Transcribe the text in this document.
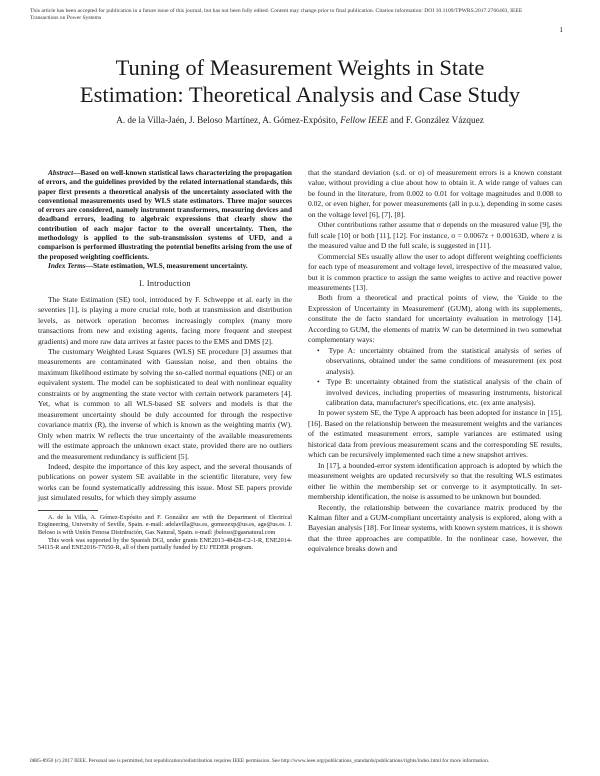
This article has been accepted for publication in a future issue of this journal, but has not been fully edited. Content may change prior to final publication. Citation information: DOI 10.1109/TPWRS.2017.2766403, IEEE
Transactions on Power Systems
1
Tuning of Measurement Weights in State
Estimation: Theoretical Analysis and Case Study
A. de la Villa-Jaén, J. Beloso Martínez, A. Gómez-Expósito, Fellow IEEE and F. González Vázquez

Abstract—Based on well-known statistical laws characterizing the propagation of errors, and the guidelines provided by the related international standards, this paper first presents a theoretical analysis of the uncertainty associated with the conventional measurements used by WLS state estimators. Three major sources of errors are considered, namely instrument transformers, measuring devices and deadband errors, leading to algebraic expressions that clearly show the contribution of each major factor to the overall uncertainty. Then, the methodology is applied to the sub-transmission systems of UFD, and a comparison is performed illustrating the potential benefits arising from the use of the proposed weighting coefficients.

Index Terms—State estimation, WLS, measurement uncertainty.

I. Introduction

The State Estimation (SE) tool, introduced by F. Schweppe et al. early in the seventies [1], is playing a more crucial role, both at transmission and distribution levels, as network operation becomes increasingly complex (many more transactions from new and existing agents, facing more frequent and steepest gradients) and more raw data arrives at faster paces to the EMS and DMS [2].

The customary Weighted Least Squares (WLS) SE procedure [3] assumes that measurements are contaminated with Gaussian noise, and then obtains the maximum likelihood estimate by solving the so-called normal equations (NE) or an equivalent system. The model can be sophisticated to deal with nonlinear equality constraints or by augmenting the state vector with certain network parameters [4]. Yet, what is common to all WLS-based SE solvers and models is that the measurement uncertainty should be duly accounted for through the respective covariance matrix (R), the inverse of which is known as the weighting matrix (W). Only when matrix W reflects the true uncertainty of the available measurements will the estimate approach the unknown exact state, provided there are no outliers and the measurement redundancy is sufficient [5].

Indeed, despite the importance of this key aspect, and the several thousands of publications on power system SE available in the scientific literature, very few works can be found systematically addressing this issue. Most SE papers provide just simulated results, for which they simply assume

A. de la Villa, A. Gómez-Expósito and F. González are with the Department of Electrical Engineering, University of Seville, Spain. e-mail: adelavilla@us.es, gomezexp@us.es, age@us.es. J. Beloso is with Unión Fenosa Distribución, Gas Natural, Spain. e-mail: jbeloso@gasnatural.com

This work was supported by the Spanish DGI, under grants ENE2013-48428-C2-1-R, ENE2014-54115-R and ENE2016-77650-R, all of them partially funded by EU FEDER program.

that the standard deviation (s.d. or σ) of measurement errors is a known constant value, without providing a clue about how to obtain it. A wide range of values can be found in the literature, from 0.002 to 0.01 for voltage magnitudes and 0.008 to 0.02, or even higher, for power measurements (all in p.u.), depending in some cases on the voltage level [6], [7], [8].

Other contributions rather assume that σ depends on the measured value [9], the full scale [10] or both [11], [12]. For instance, σ = 0.0067z + 0.00163D, where z is the measured value and D the full scale, is suggested in [11].

Commercial SEs usually allow the user to adopt different weighting coefficients for each type of measurement and voltage level, irrespective of the measured value, but it is common practice to assign the same weights to active and reactive power measurements [13].

Both from a theoretical and practical points of view, the 'Guide to the Expression of Uncertainty in Measurement' (GUM), along with its supplements, constitute the de facto standard for uncertainty evaluation in metrology [14]. According to GUM, the elements of matrix W can be determined in two somewhat complementary ways:

•  Type A: uncertainty obtained from the statistical analysis of series of observations, obtained under the same conditions of measurement (ex post analysis).

•  Type B: uncertainty obtained from the statistical analysis of the chain of involved devices, including properties of measuring instruments, historical calibration data, manufacturer's specifications, etc. (ex ante analysis).

In power system SE, the Type A approach has been adopted for instance in [15], [16]. Based on the relationship between the measurement weights and the variances of the estimated measurement errors, sample variances are estimated using historical data from previous measurement scans and the corresponding SE results, which can be recursively implemented each time a new snapshot arrives.

In [17], a bounded-error system identification approach is adopted by which the measurement weights are updated recursively so that the resulting WLS estimates either lie within the membership set or converge to it asymptotically. In set-membership identification, the noise is assumed to be unknown but bounded.

Recently, the relationship between the covariance matrix produced by the Kalman filter and a GUM-compliant uncertainty analysis is explored, along with a Bayesian analysis [18]. For linear systems, with known system matrices, it is shown that the three approaches are compatible. In the nonlinear case, however, the equivalence breaks down and

0885-8950 (c) 2017 IEEE. Personal use is permitted, but republication/redistribution requires IEEE permission. See http://www.ieee.org/publications_standards/publications/rights/index.html for more information.
